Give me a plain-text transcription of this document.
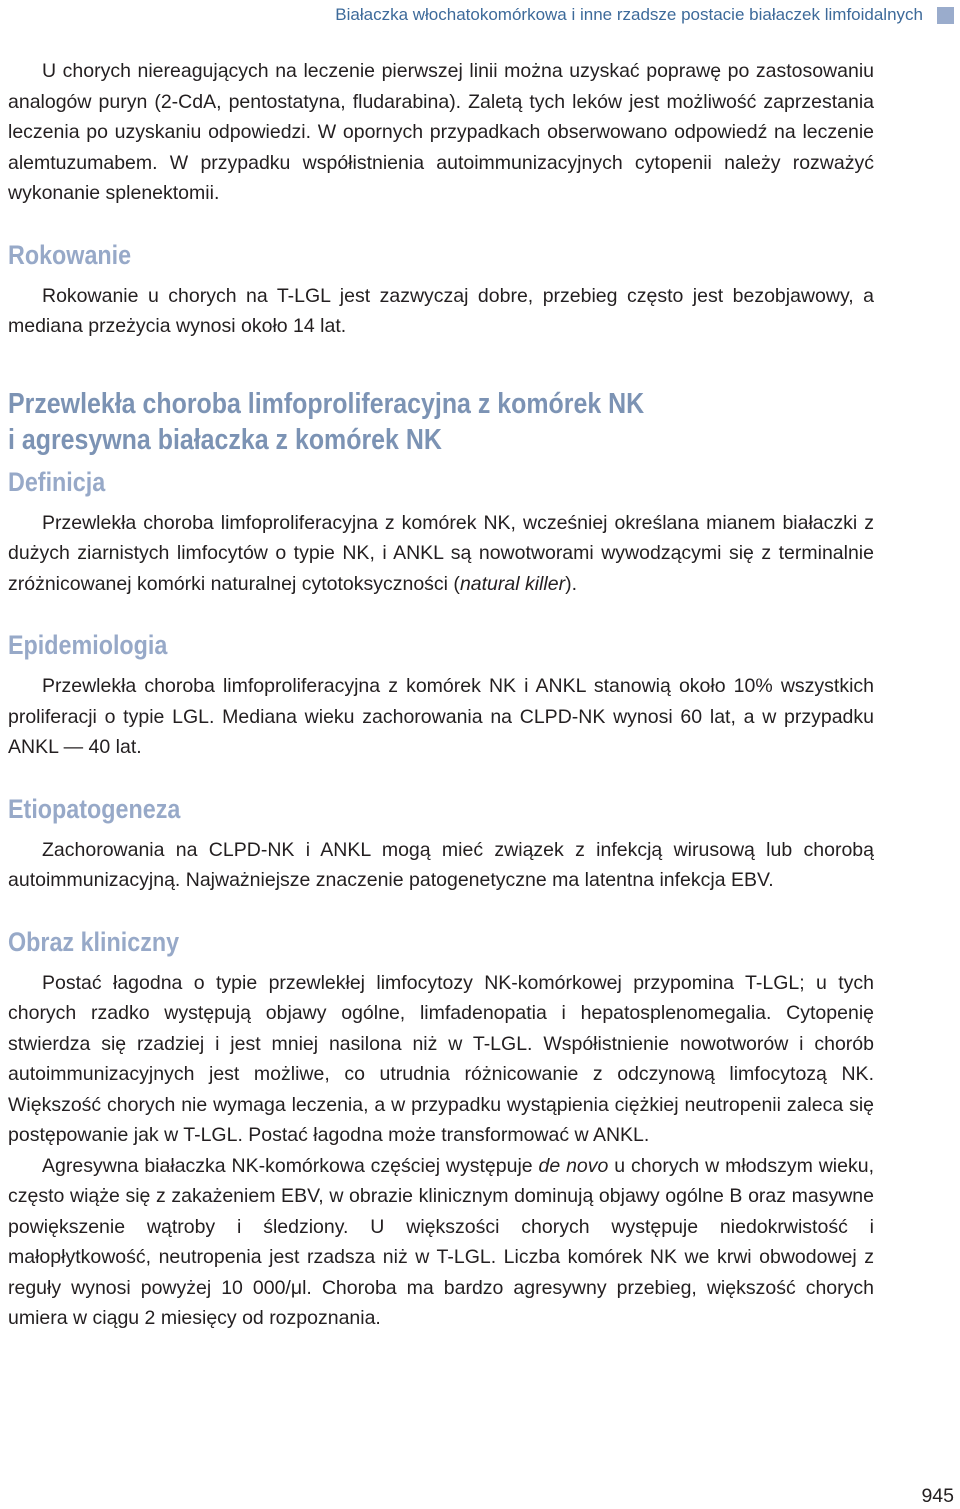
Białaczka włochatokomórkowa i inne rzadsze postacie białaczek limfoidalnych

U chorych niereagujących na leczenie pierwszej linii można uzyskać poprawę po zastosowaniu analogów puryn (2-CdA, pentostatyna, fludarabina). Zaletą tych leków jest możliwość zaprzestania leczenia po uzyskaniu odpowiedzi. W opornych przypadkach obserwowano odpowiedź na leczenie alemtuzumabem. W przypadku współistnienia autoimmunizacyjnych cytopenii należy rozważyć wykonanie splenektomii.

Rokowanie

Rokowanie u chorych na T-LGL jest zazwyczaj dobre, przebieg często jest bezobjawowy, a mediana przeżycia wynosi około 14 lat.

Przewlekła choroba limfoproliferacyjna z komórek NK
i agresywna białaczka z komórek NK
Definicja

Przewlekła choroba limfoproliferacyjna z komórek NK, wcześniej określana mianem białaczki z dużych ziarnistych limfocytów o typie NK, i ANKL są nowotworami wywodzącymi się z terminalnie zróżnicowanej komórki naturalnej cytotoksyczności (natural killer).

Epidemiologia

Przewlekła choroba limfoproliferacyjna z komórek NK i ANKL stanowią około 10% wszystkich proliferacji o typie LGL. Mediana wieku zachorowania na CLPD-NK wynosi 60 lat, a w przypadku ANKL — 40 lat.

Etiopatogeneza

Zachorowania na CLPD-NK i ANKL mogą mieć związek z infekcją wirusową lub chorobą autoimmunizacyjną. Najważniejsze znaczenie patogenetyczne ma latentna infekcja EBV.

Obraz kliniczny

Postać łagodna o typie przewlekłej limfocytozy NK-komórkowej przypomina T-LGL; u tych chorych rzadko występują objawy ogólne, limfadenopatia i hepatosplenomegalia. Cytopenię stwierdza się rzadziej i jest mniej nasilona niż w T-LGL. Współistnienie nowotworów i chorób autoimmunizacyjnych jest możliwe, co utrudnia różnicowanie z odczynową limfocytozą NK. Większość chorych nie wymaga leczenia, a w przypadku wystąpienia ciężkiej neutropenii zaleca się postępowanie jak w T-LGL. Postać łagodna może transformować w ANKL.

Agresywna białaczka NK-komórkowa częściej występuje de novo u chorych w młodszym wieku, często wiąże się z zakażeniem EBV, w obrazie klinicznym dominują objawy ogólne B oraz masywne powiększenie wątroby i śledziony. U większości chorych występuje niedokrwistość i małopłytkowość, neutropenia jest rzadsza niż w T-LGL. Liczba komórek NK we krwi obwodowej z reguły wynosi powyżej 10 000/μl. Choroba ma bardzo agresywny przebieg, większość chorych umiera w ciągu 2 miesięcy od rozpoznania.

945
